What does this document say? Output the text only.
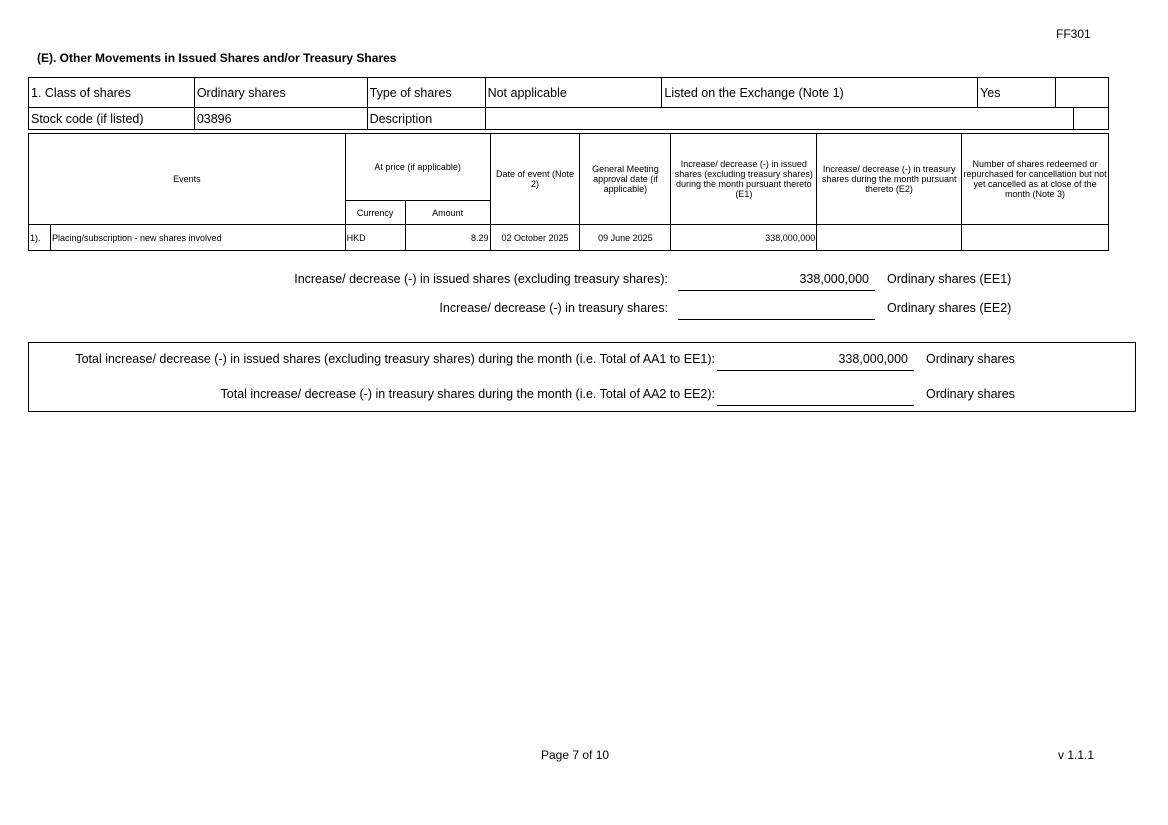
FF301
(E). Other Movements in Issued Shares and/or Treasury Shares
1. Class of shares	Ordinary shares	Type of shares	Not applicable	Listed on the Exchange (Note 1)	Yes		
Stock code (if listed)	03896	Description					
Events		At price (if applicable)		Date of event (Note 2)	General Meeting approval date (if applicable)	Increase/ decrease (-) in issued shares (excluding treasury shares) during the month pursuant thereto (E1)	Increase/ decrease (-) in treasury shares during the month pursuant thereto (E2)	Number of shares redeemed or repurchased for cancellation but not yet cancelled as at close of the month (Note 3)
		Currency	Amount					
1).	Placing/subscription - new shares involved	HKD	8.29	02 October 2025	09 June 2025	338,000,000		
Increase/ decrease (-) in issued shares (excluding treasury shares):	338,000,000	Ordinary shares (EE1)
Increase/ decrease (-) in treasury shares:	Ordinary shares (EE2)
Total increase/ decrease (-) in issued shares (excluding treasury shares) during the month (i.e. Total of AA1 to EE1):	338,000,000	Ordinary shares
Total increase/ decrease (-) in treasury shares during the month (i.e. Total of AA2 to EE2):	Ordinary shares
Page 7 of 10	v 1.1.1
